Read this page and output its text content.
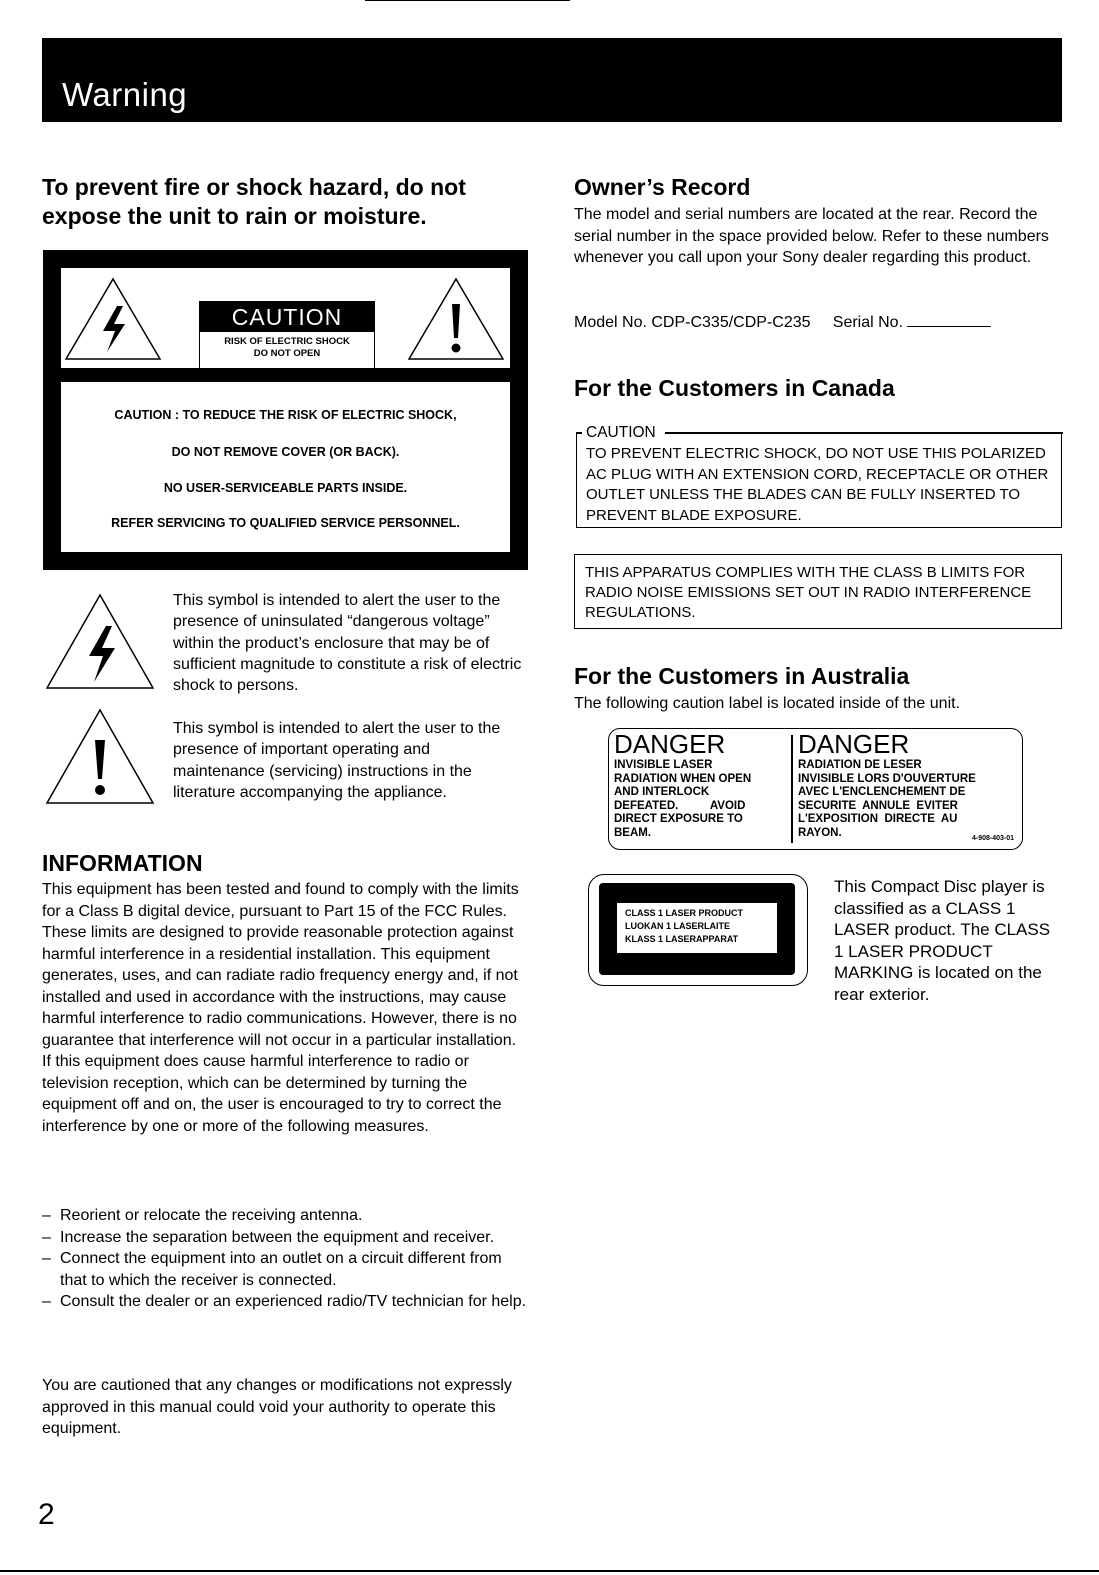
Warning
To prevent fire or shock hazard, do not expose the unit to rain or moisture.
CAUTION
RISK OF ELECTRIC SHOCK
DO NOT OPEN
CAUTION : TO REDUCE THE RISK OF ELECTRIC SHOCK,
DO NOT REMOVE COVER (OR BACK).
NO USER-SERVICEABLE PARTS INSIDE.
REFER SERVICING TO QUALIFIED SERVICE PERSONNEL.
This symbol is intended to alert the user to the presence of uninsulated “dangerous voltage” within the product’s enclosure that may be of sufficient magnitude to constitute a risk of electric shock to persons.
This symbol is intended to alert the user to the presence of important operating and maintenance (servicing) instructions in the literature accompanying the appliance.
INFORMATION
This equipment has been tested and found to comply with the limits for a Class B digital device, pursuant to Part 15 of the FCC Rules. These limits are designed to provide reasonable protection against harmful interference in a residential installation. This equipment generates, uses, and can radiate radio frequency energy and, if not installed and used in accordance with the instructions, may cause harmful interference to radio communications. However, there is no guarantee that interference will not occur in a particular installation. If this equipment does cause harmful interference to radio or television reception, which can be determined by turning the equipment off and on, the user is encouraged to try to correct the interference by one or more of the following measures.
– Reorient or relocate the receiving antenna.
– Increase the separation between the equipment and receiver.
– Connect the equipment into an outlet on a circuit different from that to which the receiver is connected.
– Consult the dealer or an experienced radio/TV technician for help.
You are cautioned that any changes or modifications not expressly approved in this manual could void your authority to operate this equipment.
Owner’s Record
The model and serial numbers are located at the rear. Record the serial number in the space provided below. Refer to these numbers whenever you call upon your Sony dealer regarding this product.
Model No. CDP-C335/CDP-C235 Serial No.
For the Customers in Canada
CAUTION
TO PREVENT ELECTRIC SHOCK, DO NOT USE THIS POLARIZED AC PLUG WITH AN EXTENSION CORD, RECEPTACLE OR OTHER OUTLET UNLESS THE BLADES CAN BE FULLY INSERTED TO PREVENT BLADE EXPOSURE.
THIS APPARATUS COMPLIES WITH THE CLASS B LIMITS FOR RADIO NOISE EMISSIONS SET OUT IN RADIO INTERFERENCE REGULATIONS.
For the Customers in Australia
The following caution label is located inside of the unit.
DANGER
INVISIBLE LASER
RADIATION WHEN OPEN
AND INTERLOCK
DEFEATED.          AVOID
DIRECT EXPOSURE TO
BEAM.
DANGER
RADIATION DE LESER
INVISIBLE LORS D'OUVERTURE
AVEC L'ENCLENCHEMENT DE
SECURITE  ANNULE  EVITER
L'EXPOSITION  DIRECTE  AU
RAYON.	4-908-403-01
CLASS 1 LASER PRODUCT
LUOKAN 1 LASERLAITE
KLASS 1 LASERAPPARAT
This Compact Disc player is classified as a CLASS 1 LASER product. The CLASS 1 LASER PRODUCT MARKING is located on the rear exterior.
2
